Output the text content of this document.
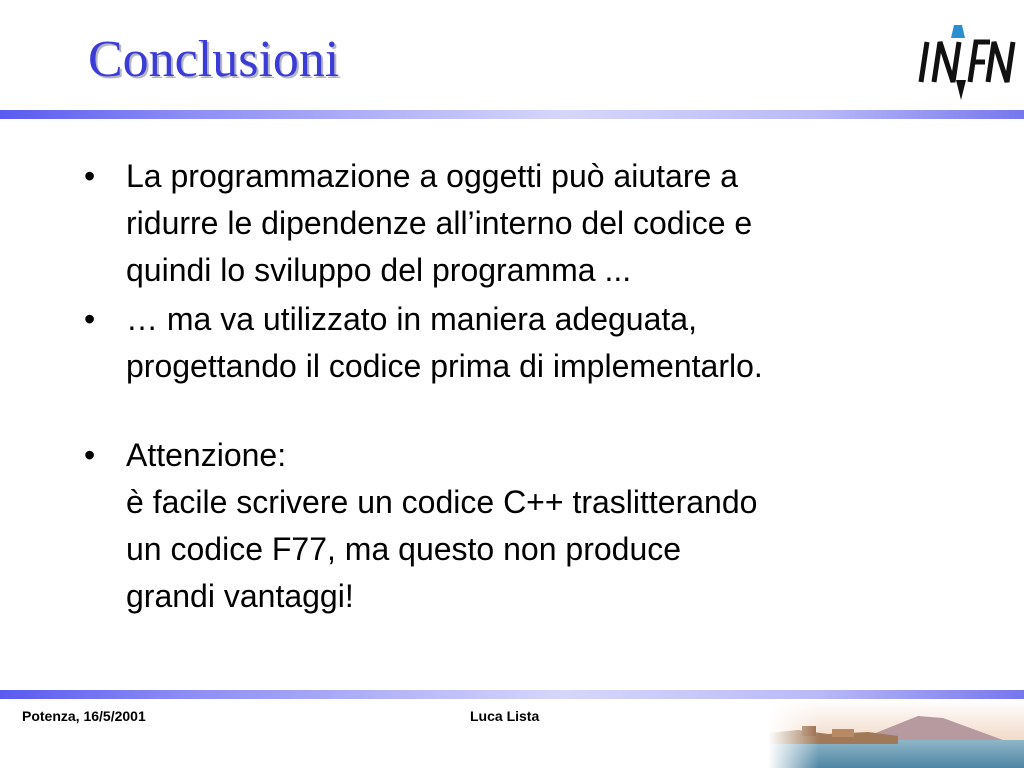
Conclusioni
• La programmazione a oggetti può aiutare a
ridurre le dipendenze all’interno del codice e
quindi lo sviluppo del programma ...
• … ma va utilizzato in maniera adeguata,
progettando il codice prima di implementarlo.
• Attenzione:
è facile scrivere un codice C++ traslitterando
un codice F77, ma questo non produce
grandi vantaggi!
Potenza, 16/5/2001	Luca Lista
